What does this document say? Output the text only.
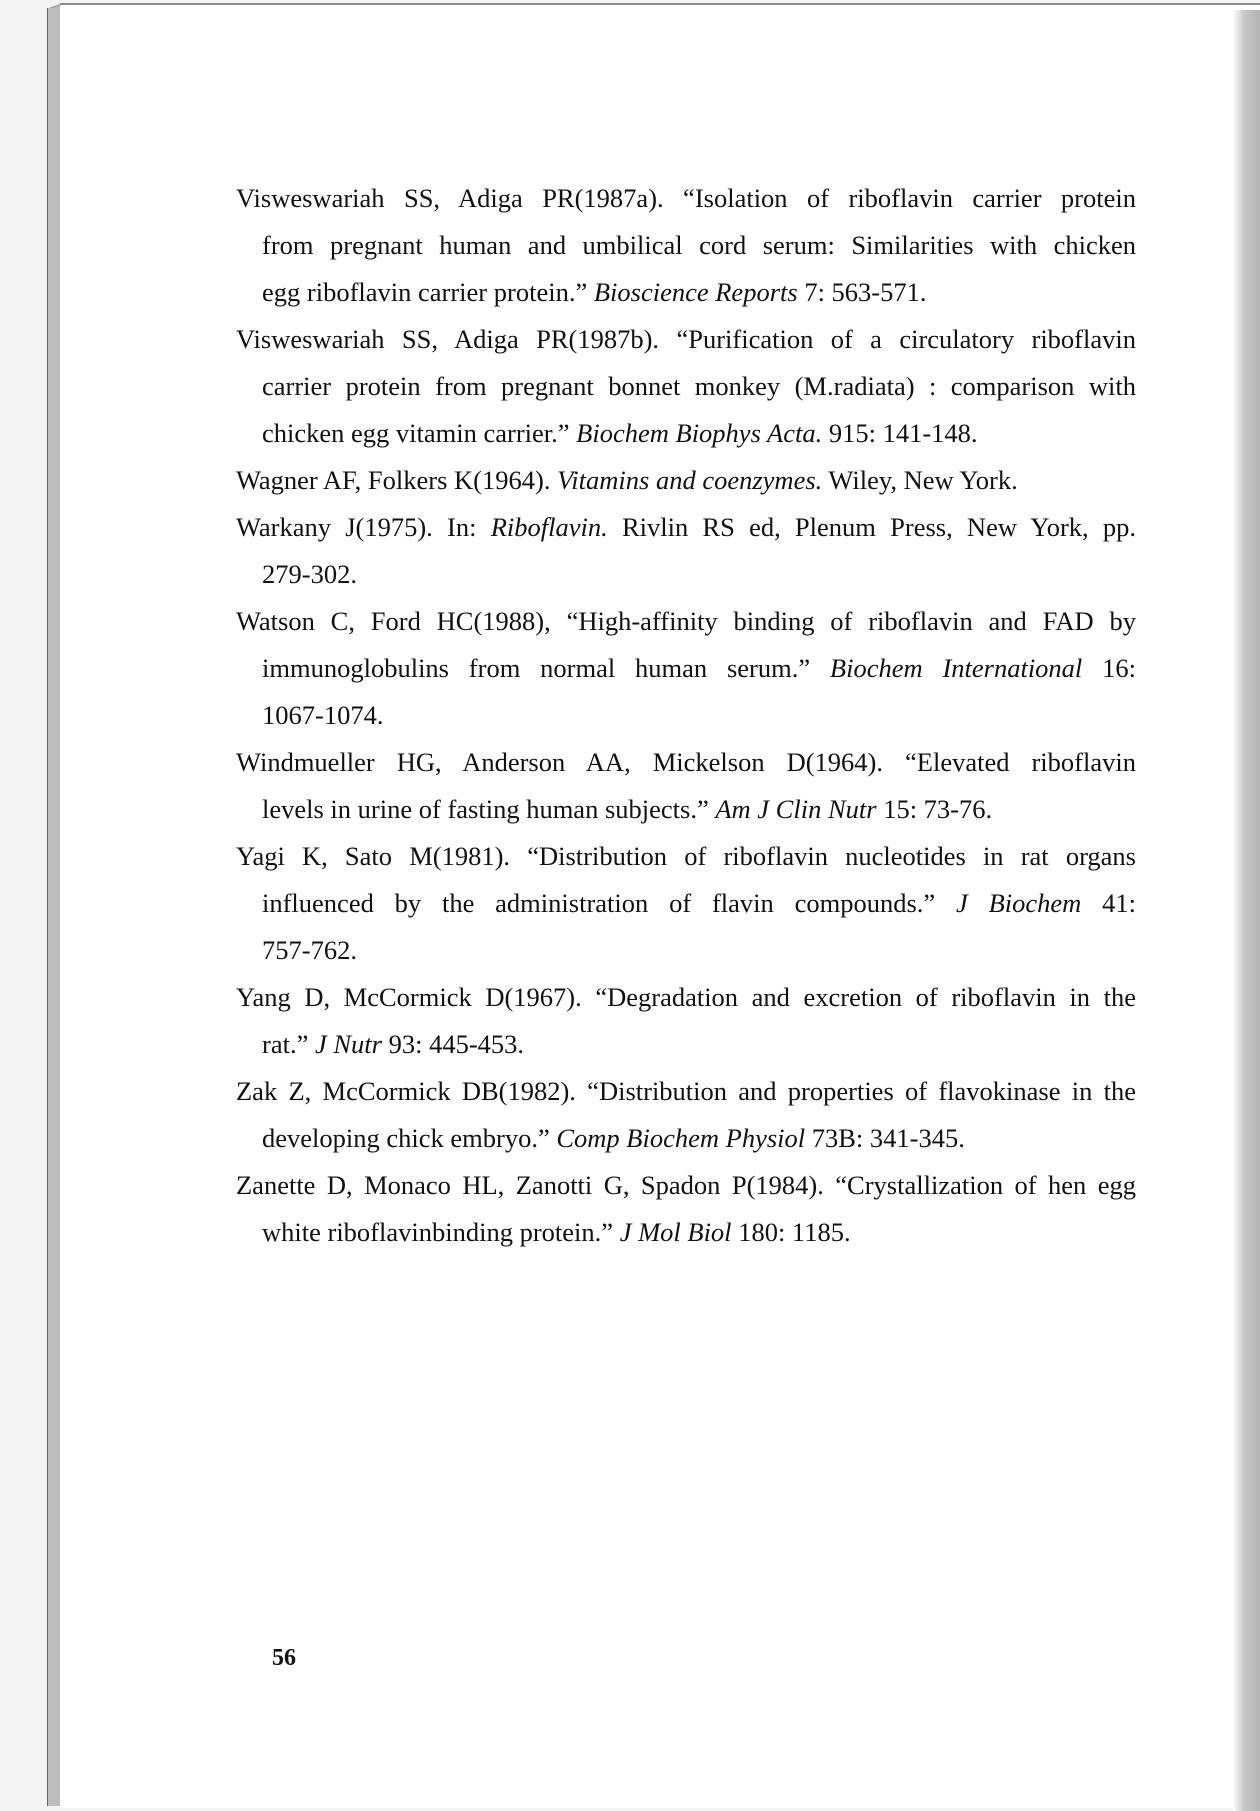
Visweswariah SS, Adiga PR(1987a). “Isolation of riboflavin carrier protein
from pregnant human and umbilical cord serum: Similarities with chicken
egg riboflavin carrier protein.” Bioscience Reports 7: 563-571.
Visweswariah SS, Adiga PR(1987b). “Purification of a circulatory riboflavin
carrier protein from pregnant bonnet monkey (M.radiata) : comparison with
chicken egg vitamin carrier.” Biochem Biophys Acta. 915: 141-148.
Wagner AF, Folkers K(1964). Vitamins and coenzymes. Wiley, New York.
Warkany J(1975). In: Riboflavin. Rivlin RS ed, Plenum Press, New York, pp.
279-302.
Watson C, Ford HC(1988), “High-affinity binding of riboflavin and FAD by
immunoglobulins from normal human serum.” Biochem International 16:
1067-1074.
Windmueller HG, Anderson AA, Mickelson D(1964). “Elevated riboflavin
levels in urine of fasting human subjects.” Am J Clin Nutr 15: 73-76.
Yagi K, Sato M(1981). “Distribution of riboflavin nucleotides in rat organs
influenced by the administration of flavin compounds.” J Biochem 41:
757-762.
Yang D, McCormick D(1967). “Degradation and excretion of riboflavin in the
rat.” J Nutr 93: 445-453.
Zak Z, McCormick DB(1982). “Distribution and properties of flavokinase in the
developing chick embryo.” Comp Biochem Physiol 73B: 341-345.
Zanette D, Monaco HL, Zanotti G, Spadon P(1984). “Crystallization of hen egg
white riboflavinbinding protein.” J Mol Biol 180: 1185.
56
